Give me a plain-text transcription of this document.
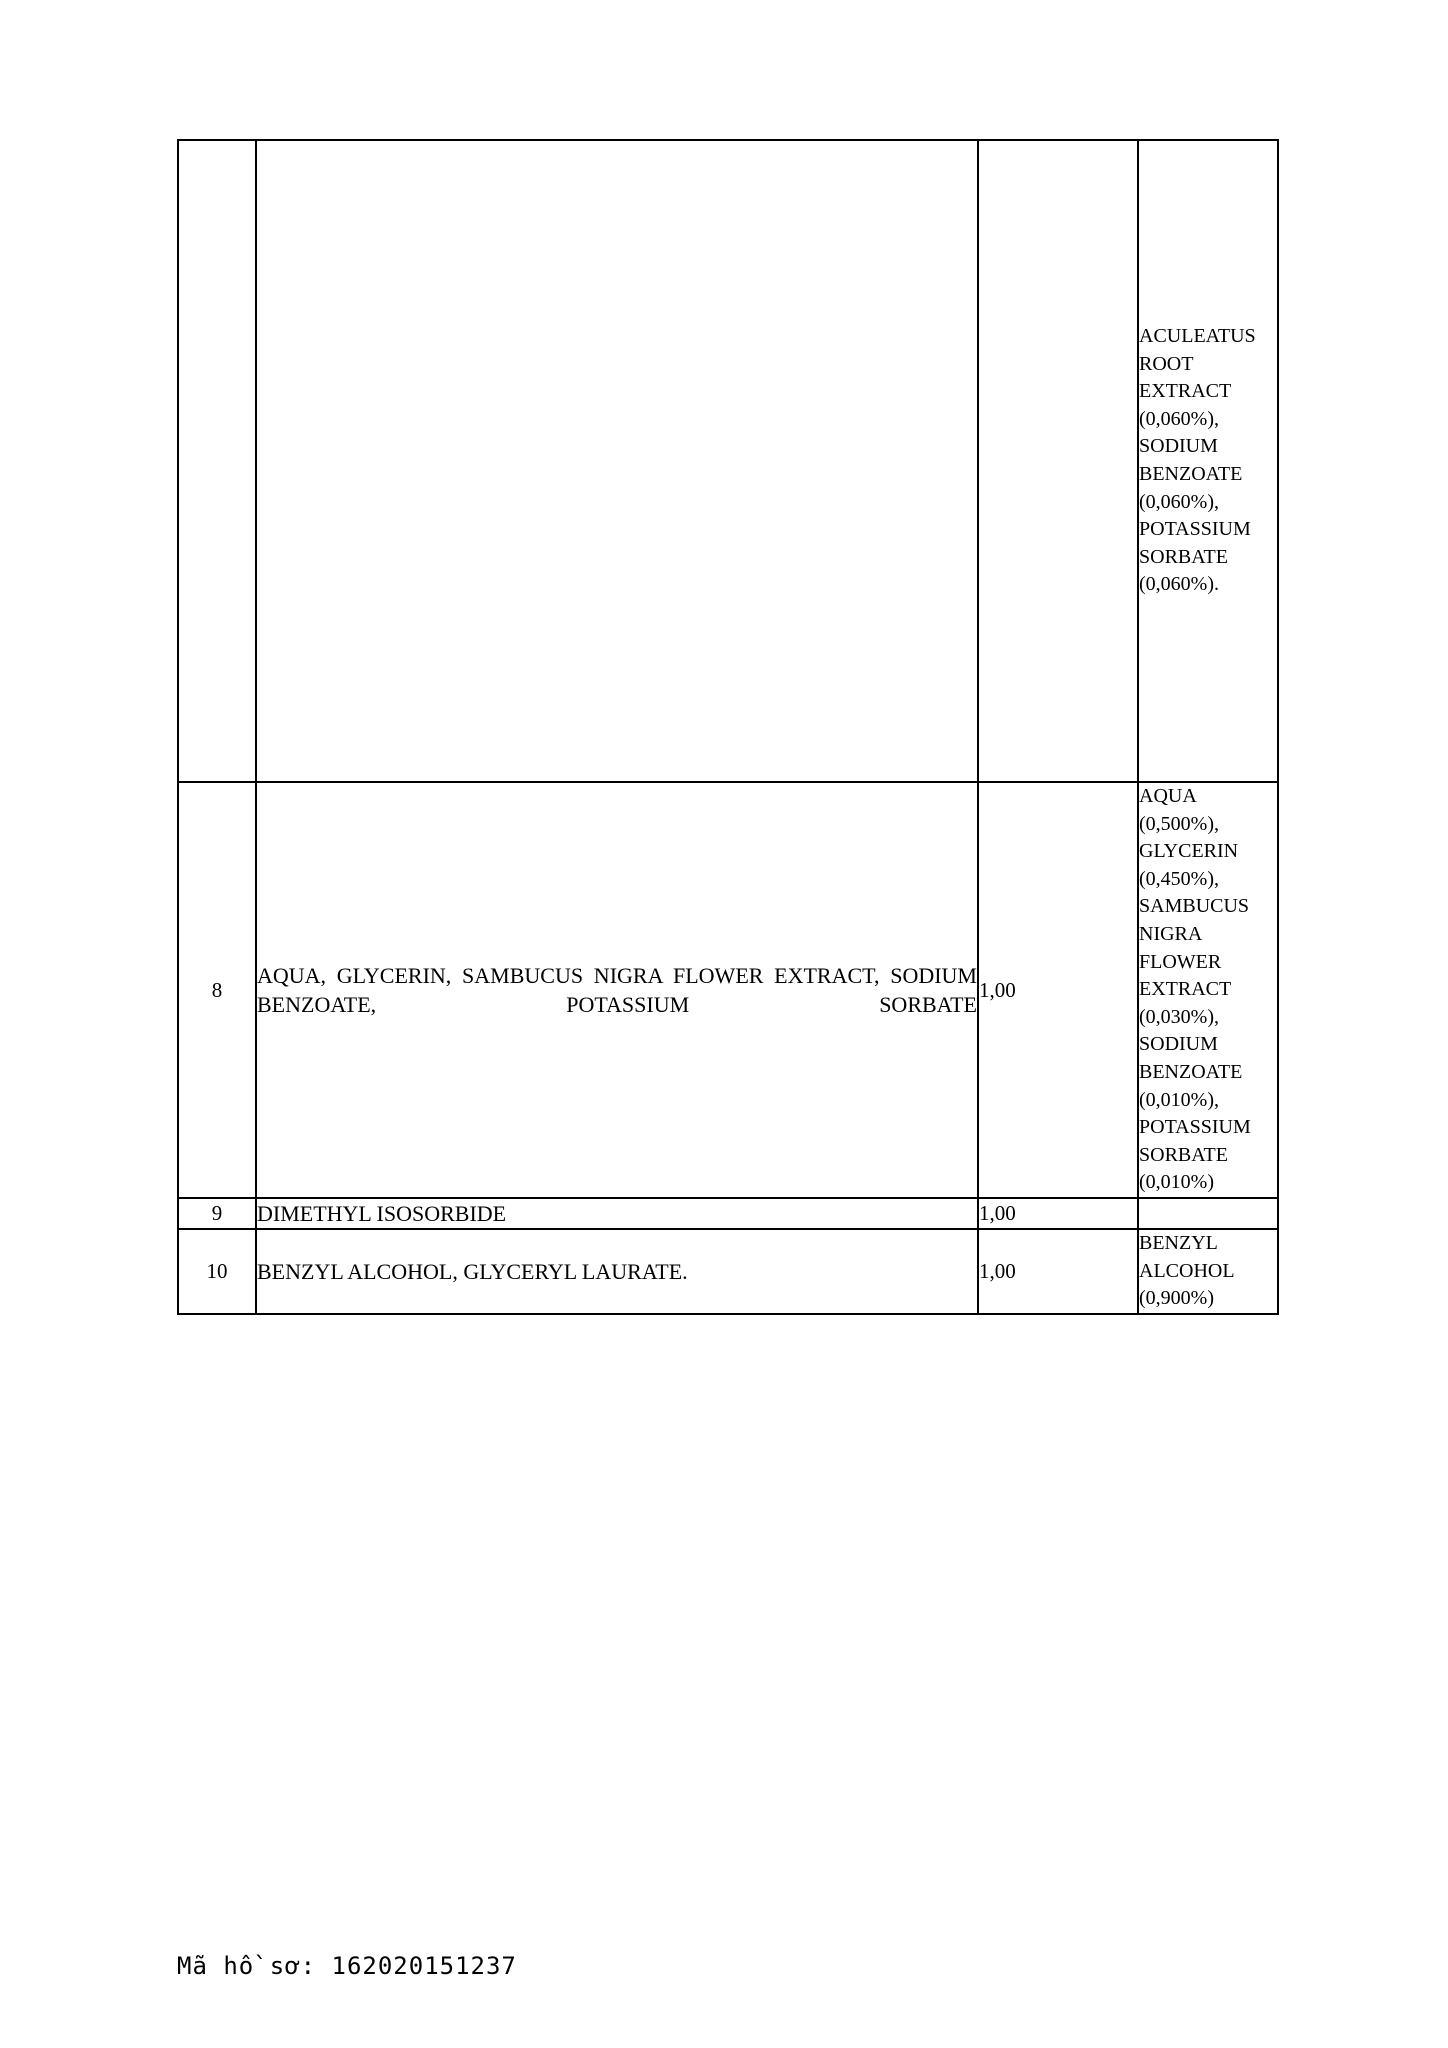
			ACULEATUS ROOT EXTRACT (0,060%), SODIUM BENZOATE (0,060%), POTASSIUM SORBATE (0,060%).
8	AQUA, GLYCERIN, SAMBUCUS NIGRA FLOWER EXTRACT, SODIUM BENZOATE, POTASSIUM SORBATE	1,00	AQUA (0,500%), GLYCERIN (0,450%), SAMBUCUS NIGRA FLOWER EXTRACT (0,030%), SODIUM BENZOATE (0,010%), POTASSIUM SORBATE (0,010%)
9	DIMETHYL ISOSORBIDE	1,00	
10	BENZYL ALCOHOL, GLYCERYL LAURATE.	1,00	BENZYL ALCOHOL (0,900%)
Mã hồ sơ: 162020151237
